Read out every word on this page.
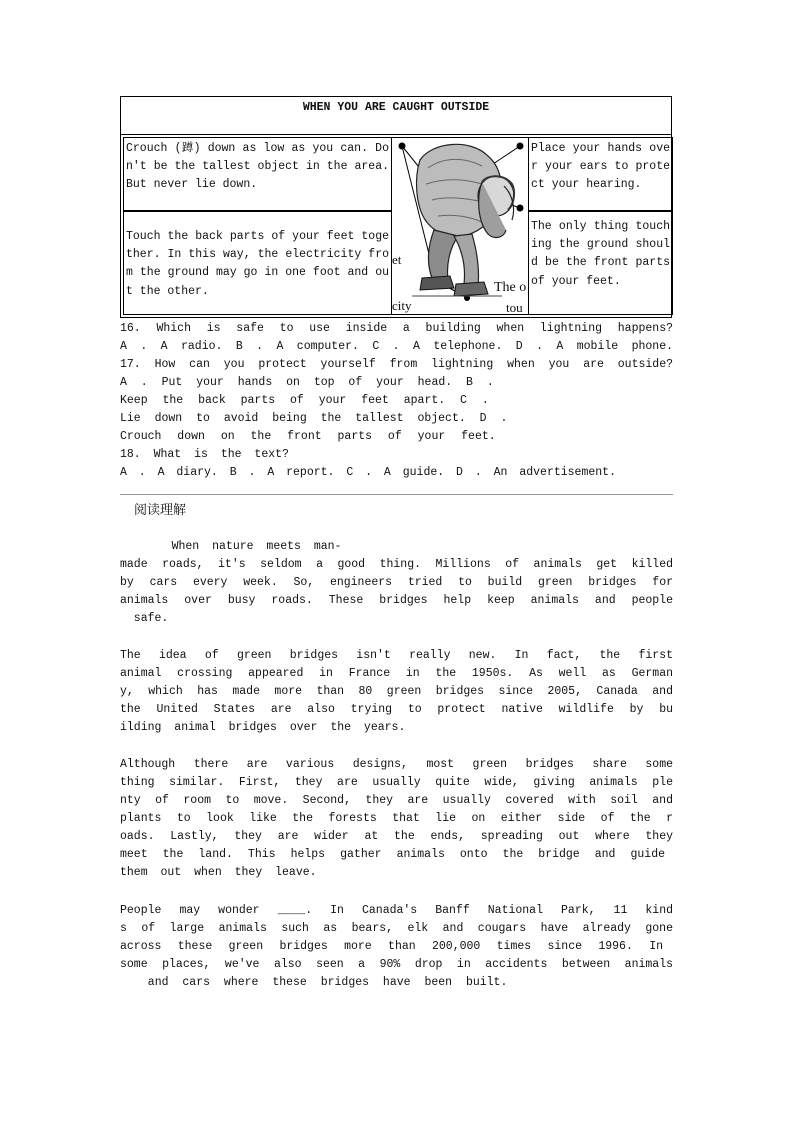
WHEN YOU ARE CAUGHT OUTSIDE
Crouch (蹲) down as low as you can. Don't be the tallest object in the area. But never lie down.
Touch the back parts of your feet together. In this way, the electricity from the ground may go in one foot and out the other.
et
city
The o
tou
Place your hands over your ears to protect your hearing.
The only thing touching the ground should be the front parts of your feet.
16. Which is safe to use inside a building when lightning happens?
A . A radio. B . A computer. C . A telephone. D . A mobile phone.
17. How can you protect yourself from lightning when you are outside?
A . Put your hands on top of your head. B .
Keep the back parts of your feet apart. C .
Lie down to avoid being the tallest object. D .
Crouch down on the front parts of your feet.
18. What is the text?
A . A diary. B . A report. C . A guide. D . An advertisement.
阅读理解
When nature meets man-
made roads, it's seldom a good thing. Millions of animals get killed
by cars every week. So, engineers tried to build green bridges for
animals over busy roads. These bridges help keep animals and people
safe.
The idea of green bridges isn't really new. In fact, the first
animal crossing appeared in France in the 1950s. As well as German
y, which has made more than 80 green bridges since 2005, Canada and
the United States are also trying to protect native wildlife by bu
ilding animal bridges over the years.
Although there are various designs, most green bridges share some
thing similar. First, they are usually quite wide, giving animals ple
nty of room to move. Second, they are usually covered with soil and
plants to look like the forests that lie on either side of the r
oads. Lastly, they are wider at the ends, spreading out where they
meet the land. This helps gather animals onto the bridge and guide
them out when they leave.
People may wonder ____. In Canada's Banff National Park, 11 kind
s of large animals such as bears, elk and cougars have already gone
across these green bridges more than 200,000 times since 1996. In
some places, we've also seen a 90% drop in accidents between animals
and cars where these bridges have been built.
